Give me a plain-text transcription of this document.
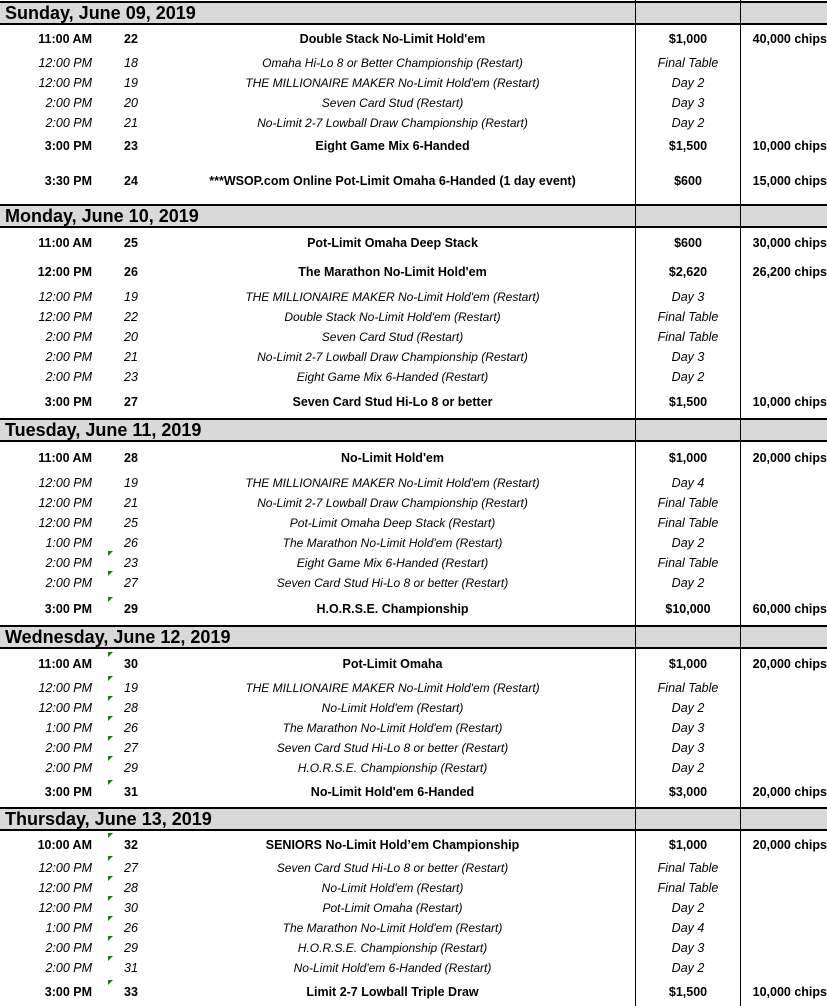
Sunday, June 09, 2019
11:00 AM	22	Double Stack No-Limit Hold'em	$1,000	40,000 chips
12:00 PM	18	Omaha Hi-Lo 8 or Better Championship (Restart)	Final Table
12:00 PM	19	THE MILLIONAIRE MAKER No-Limit Hold'em (Restart)	Day 2
2:00 PM	20	Seven Card Stud (Restart)	Day 3
2:00 PM	21	No-Limit 2-7 Lowball Draw Championship (Restart)	Day 2
3:00 PM	23	Eight Game Mix 6-Handed	$1,500	10,000 chips
3:30 PM	24	***WSOP.com Online Pot-Limit Omaha 6-Handed (1 day event)	$600	15,000 chips
Monday, June 10, 2019
11:00 AM	25	Pot-Limit Omaha Deep Stack	$600	30,000 chips
12:00 PM	26	The Marathon No-Limit Hold'em	$2,620	26,200 chips
12:00 PM	19	THE MILLIONAIRE MAKER No-Limit Hold'em (Restart)	Day 3
12:00 PM	22	Double Stack No-Limit Hold'em (Restart)	Final Table
2:00 PM	20	Seven Card Stud (Restart)	Final Table
2:00 PM	21	No-Limit 2-7 Lowball Draw Championship (Restart)	Day 3
2:00 PM	23	Eight Game Mix 6-Handed (Restart)	Day 2
3:00 PM	27	Seven Card Stud Hi-Lo 8 or better	$1,500	10,000 chips
Tuesday, June 11, 2019
11:00 AM	28	No-Limit Hold'em	$1,000	20,000 chips
12:00 PM	19	THE MILLIONAIRE MAKER No-Limit Hold'em (Restart)	Day 4
12:00 PM	21	No-Limit 2-7 Lowball Draw Championship (Restart)	Final Table
12:00 PM	25	Pot-Limit Omaha Deep Stack (Restart)	Final Table
1:00 PM	26	The Marathon No-Limit Hold'em (Restart)	Day 2
2:00 PM	23	Eight Game Mix 6-Handed (Restart)	Final Table
2:00 PM	27	Seven Card Stud Hi-Lo 8 or better (Restart)	Day 2
3:00 PM	29	H.O.R.S.E. Championship	$10,000	60,000 chips
Wednesday, June 12, 2019
11:00 AM	30	Pot-Limit Omaha	$1,000	20,000 chips
12:00 PM	19	THE MILLIONAIRE MAKER No-Limit Hold'em (Restart)	Final Table
12:00 PM	28	No-Limit Hold'em (Restart)	Day 2
1:00 PM	26	The Marathon No-Limit Hold'em (Restart)	Day 3
2:00 PM	27	Seven Card Stud Hi-Lo 8 or better (Restart)	Day 3
2:00 PM	29	H.O.R.S.E. Championship (Restart)	Day 2
3:00 PM	31	No-Limit Hold'em 6-Handed	$3,000	20,000 chips
Thursday, June 13, 2019
10:00 AM	32	SENIORS No-Limit Hold’em Championship	$1,000	20,000 chips
12:00 PM	27	Seven Card Stud Hi-Lo 8 or better (Restart)	Final Table
12:00 PM	28	No-Limit Hold'em (Restart)	Final Table
12:00 PM	30	Pot-Limit Omaha (Restart)	Day 2
1:00 PM	26	The Marathon No-Limit Hold'em (Restart)	Day 4
2:00 PM	29	H.O.R.S.E. Championship (Restart)	Day 3
2:00 PM	31	No-Limit Hold'em 6-Handed (Restart)	Day 2
3:00 PM	33	Limit 2-7 Lowball Triple Draw	$1,500	10,000 chips
